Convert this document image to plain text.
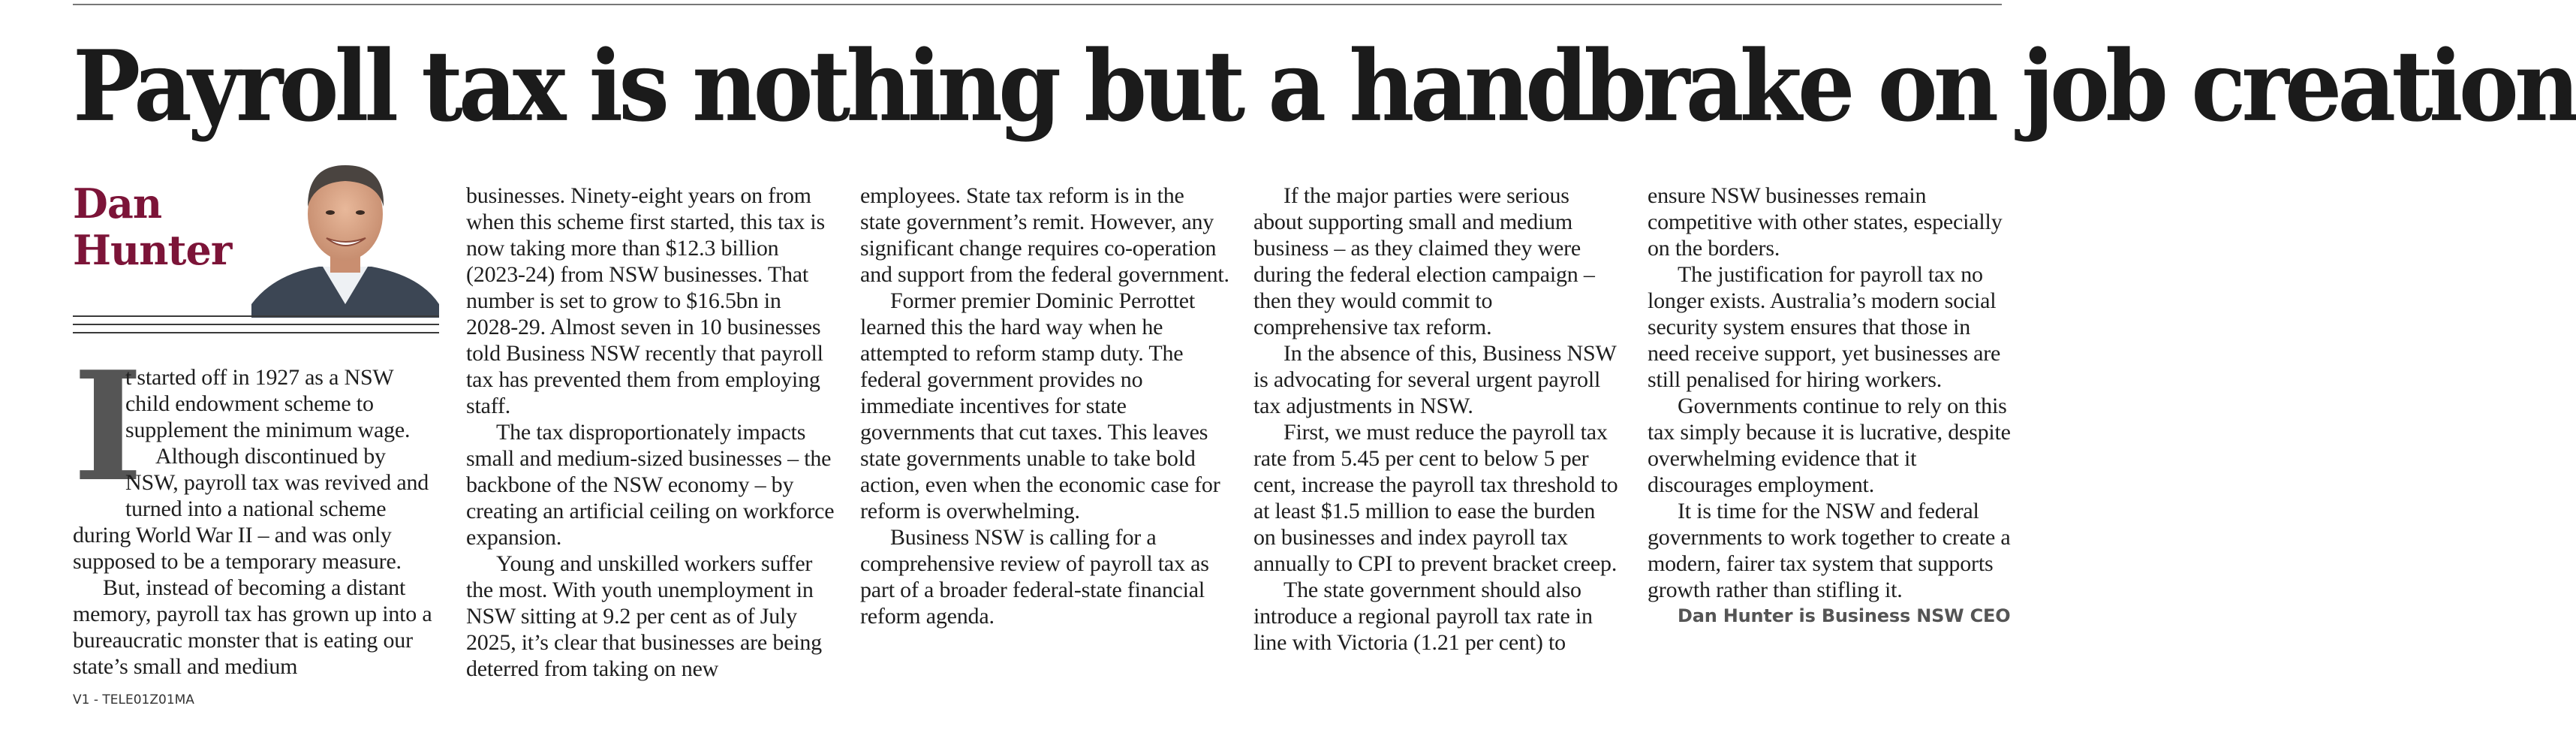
Payroll tax is nothing but a handbrake on job creation
Dan
Hunter
I

t started off in 1927 as a NSW child endowment scheme to supplement the minimum wage.

Although discontinued by NSW, payroll tax was revived and turned into a national scheme during World War II – and was only supposed to be a temporary measure.

But, instead of becoming a distant memory, payroll tax has grown up into a bureaucratic monster that is eating our state’s small and medium

businesses. Ninety-eight years on from when this scheme first started, this tax is now taking more than $12.3 billion (2023-24) from NSW businesses. That number is set to grow to $16.5bn in 2028-29. Almost seven in 10 businesses told Business NSW recently that payroll tax has prevented them from employing staff.

The tax disproportionately impacts small and medium-sized businesses – the backbone of the NSW economy – by creating an artificial ceiling on workforce expansion.

Young and unskilled workers suffer the most. With youth unemployment in NSW sitting at 9.2 per cent as of July 2025, it’s clear that businesses are being deterred from taking on new

employees. State tax reform is in the state government’s remit. However, any significant change requires co-operation and support from the federal government.

Former premier Dominic Perrottet learned this the hard way when he attempted to reform stamp duty. The federal government provides no immediate incentives for state governments that cut taxes. This leaves state governments unable to take bold action, even when the economic case for reform is overwhelming.

Business NSW is calling for a comprehensive review of payroll tax as part of a broader federal-state financial reform agenda.

If the major parties were serious about supporting small and medium business – as they claimed they were during the federal election campaign – then they would commit to comprehensive tax reform.

In the absence of this, Business NSW is advocating for several urgent payroll tax adjustments in NSW.

First, we must reduce the payroll tax rate from 5.45 per cent to below 5 per cent, increase the payroll tax threshold to at least $1.5 million to ease the burden on businesses and index payroll tax annually to CPI to prevent bracket creep.

The state government should also introduce a regional payroll tax rate in line with Victoria (1.21 per cent) to

ensure NSW businesses remain competitive with other states, especially on the borders.

The justification for payroll tax no longer exists. Australia’s modern social security system ensures that those in need receive support, yet businesses are still penalised for hiring workers.

Governments continue to rely on this tax simply because it is lucrative, despite overwhelming evidence that it discourages employment.

It is time for the NSW and federal governments to work together to create a modern, fairer tax system that supports growth rather than stifling it.

Dan Hunter is Business NSW CEO

V1 - TELE01Z01MA
